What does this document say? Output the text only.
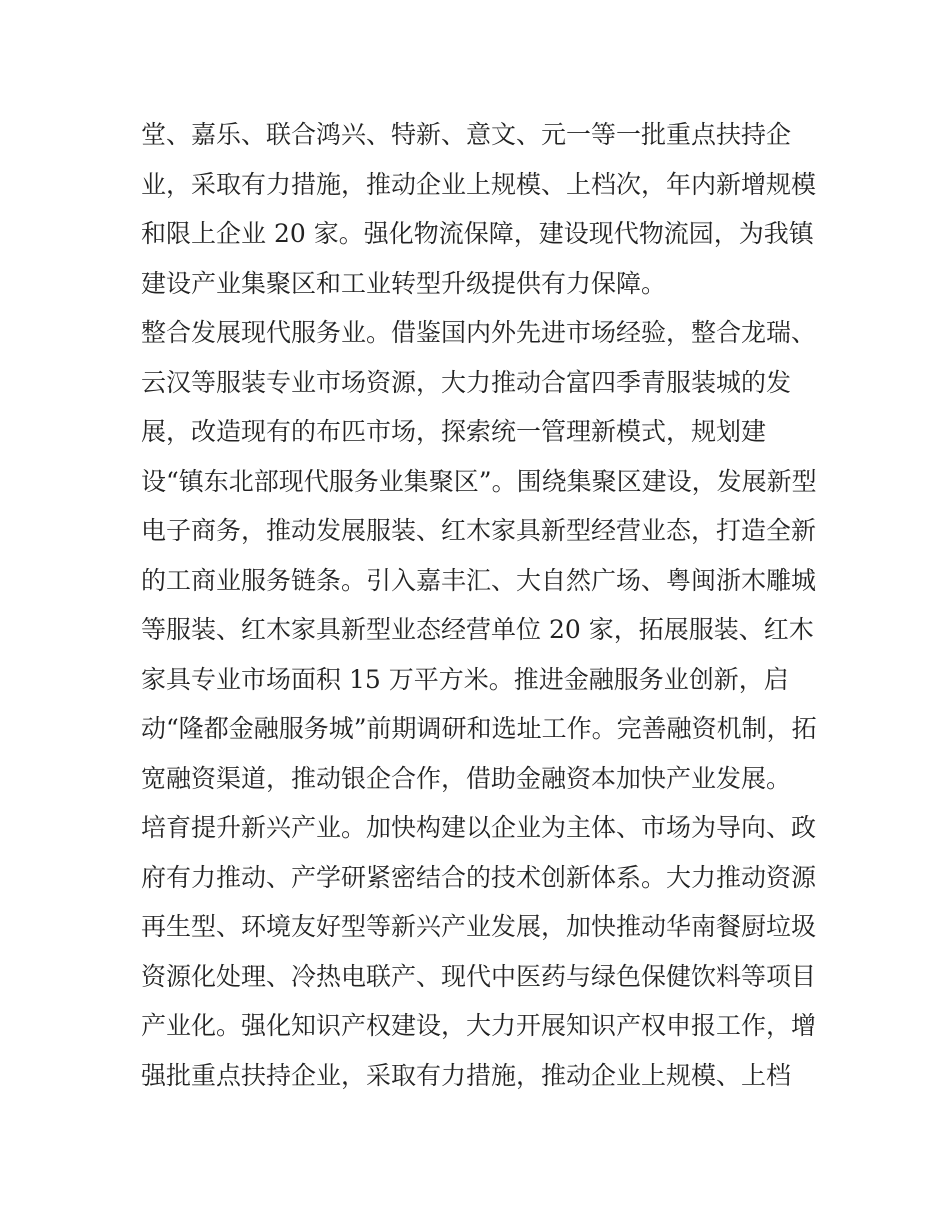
堂、嘉乐、联合鸿兴、特新、意文、元一等一批重点扶持企
业，采取有力措施，推动企业上规模、上档次，年内新增规模
和限上企业 20 家。强化物流保障，建设现代物流园，为我镇
建设产业集聚区和工业转型升级提供有力保障。
整合发展现代服务业。借鉴国内外先进市场经验，整合龙瑞、
云汉等服装专业市场资源，大力推动合富四季青服装城的发
展，改造现有的布匹市场，探索统一管理新模式，规划建
设“镇东北部现代服务业集聚区”。围绕集聚区建设，发展新型
电子商务，推动发展服装、红木家具新型经营业态，打造全新
的工商业服务链条。引入嘉丰汇、大自然广场、粤闽浙木雕城
等服装、红木家具新型业态经营单位 20 家，拓展服装、红木
家具专业市场面积 15 万平方米。推进金融服务业创新，启
动“隆都金融服务城”前期调研和选址工作。完善融资机制，拓
宽融资渠道，推动银企合作，借助金融资本加快产业发展。
培育提升新兴产业。加快构建以企业为主体、市场为导向、政
府有力推动、产学研紧密结合的技术创新体系。大力推动资源
再生型、环境友好型等新兴产业发展，加快推动华南餐厨垃圾
资源化处理、冷热电联产、现代中医药与绿色保健饮料等项目
产业化。强化知识产权建设，大力开展知识产权申报工作，增
强批重点扶持企业，采取有力措施，推动企业上规模、上档
